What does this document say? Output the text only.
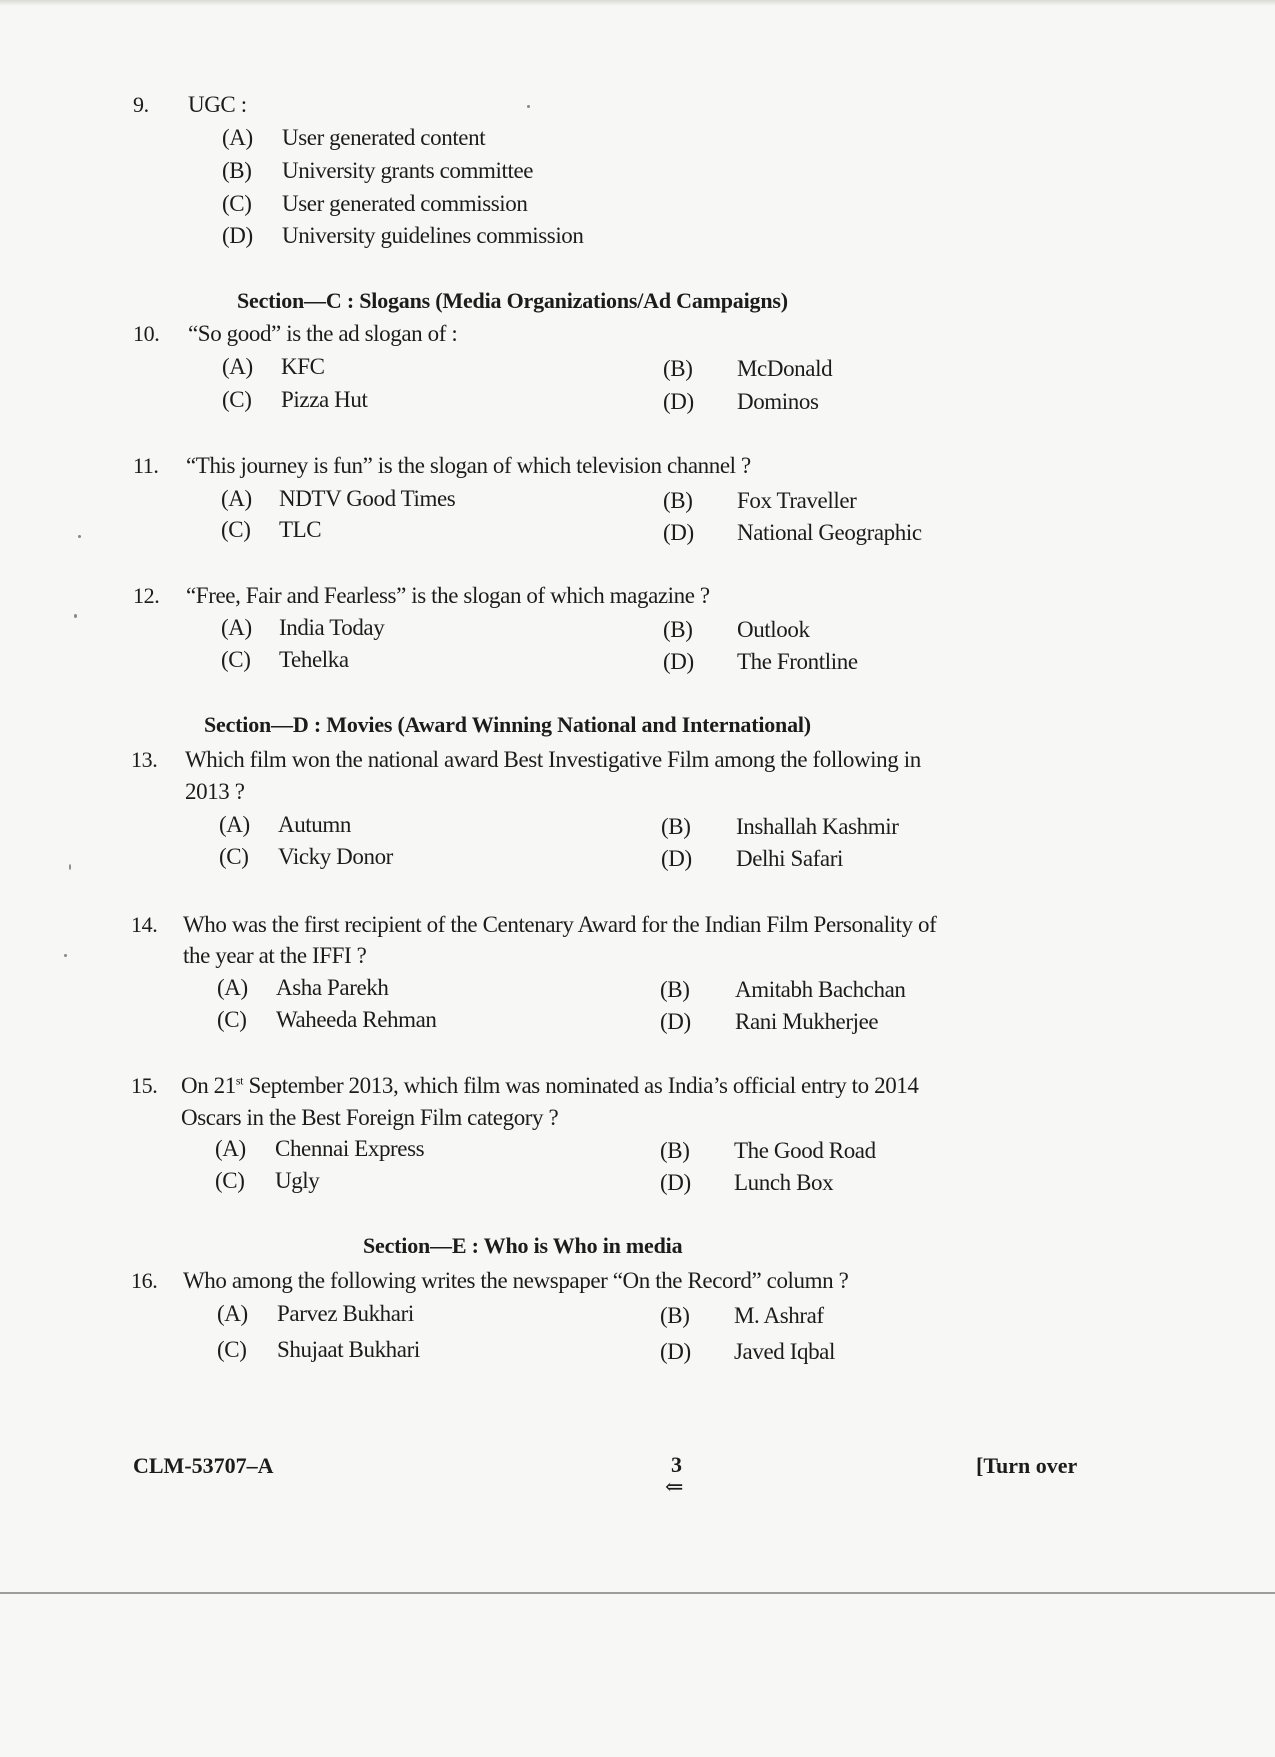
9. UGC :
(A) User generated content
(B) University grants committee
(C) User generated commission
(D) University guidelines commission
Section—C : Slogans (Media Organizations/Ad Campaigns)
10. “So good” is the ad slogan of :
(A) KFC	(B) McDonald
(C) Pizza Hut	(D) Dominos
11. “This journey is fun” is the slogan of which television channel ?
(A) NDTV Good Times	(B) Fox Traveller
(C) TLC	(D) National Geographic
12. “Free, Fair and Fearless” is the slogan of which magazine ?
(A) India Today	(B) Outlook
(C) Tehelka	(D) The Frontline
Section—D : Movies (Award Winning National and International)
13. Which film won the national award Best Investigative Film among the following in
2013 ?
(A) Autumn	(B) Inshallah Kashmir
(C) Vicky Donor	(D) Delhi Safari
14. Who was the first recipient of the Centenary Award for the Indian Film Personality of
the year at the IFFI ?
(A) Asha Parekh	(B) Amitabh Bachchan
(C) Waheeda Rehman	(D) Rani Mukherjee
15. On 21st September 2013, which film was nominated as India’s official entry to 2014
Oscars in the Best Foreign Film category ?
(A) Chennai Express	(B) The Good Road
(C) Ugly	(D) Lunch Box
Section—E : Who is Who in media
16. Who among the following writes the newspaper “On the Record” column ?
(A) Parvez Bukhari	(B) M. Ashraf
(C) Shujaat Bukhari	(D) Javed Iqbal
CLM-53707–A	3
⇐
[Turn over
